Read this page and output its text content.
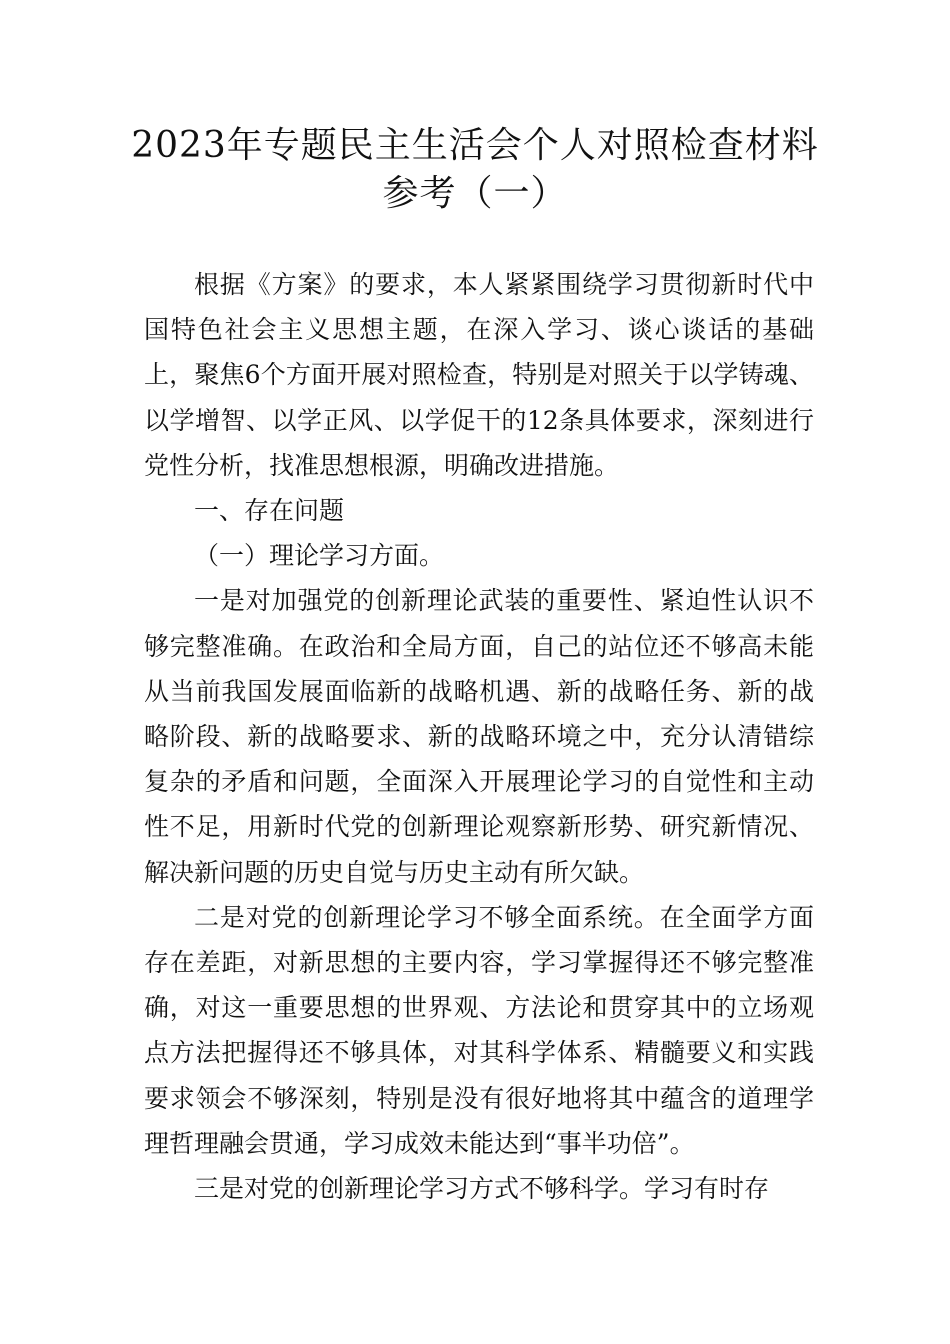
2023年专题民主生活会个人对照检查材料
参考（一）

根据《方案》的要求，本人紧紧围绕学习贯彻新时代中国特色社会主义思想主题，在深入学习、谈心谈话的基础上，聚焦6个方面开展对照检查，特别是对照关于以学铸魂、以学增智、以学正风、以学促干的12条具体要求，深刻进行党性分析，找准思想根源，明确改进措施。

一、存在问题

（一）理论学习方面。

一是对加强党的创新理论武装的重要性、紧迫性认识不够完整准确。在政治和全局方面，自己的站位还不够高未能从当前我国发展面临新的战略机遇、新的战略任务、新的战略阶段、新的战略要求、新的战略环境之中，充分认清错综复杂的矛盾和问题，全面深入开展理论学习的自觉性和主动性不足，用新时代党的创新理论观察新形势、研究新情况、解决新问题的历史自觉与历史主动有所欠缺。

二是对党的创新理论学习不够全面系统。在全面学方面存在差距，对新思想的主要内容，学习掌握得还不够完整准确，对这一重要思想的世界观、方法论和贯穿其中的立场观点方法把握得还不够具体，对其科学体系、精髓要义和实践要求领会不够深刻，特别是没有很好地将其中蕴含的道理学理哲理融会贯通，学习成效未能达到“事半功倍”。

三是对党的创新理论学习方式不够科学。学习有时存
